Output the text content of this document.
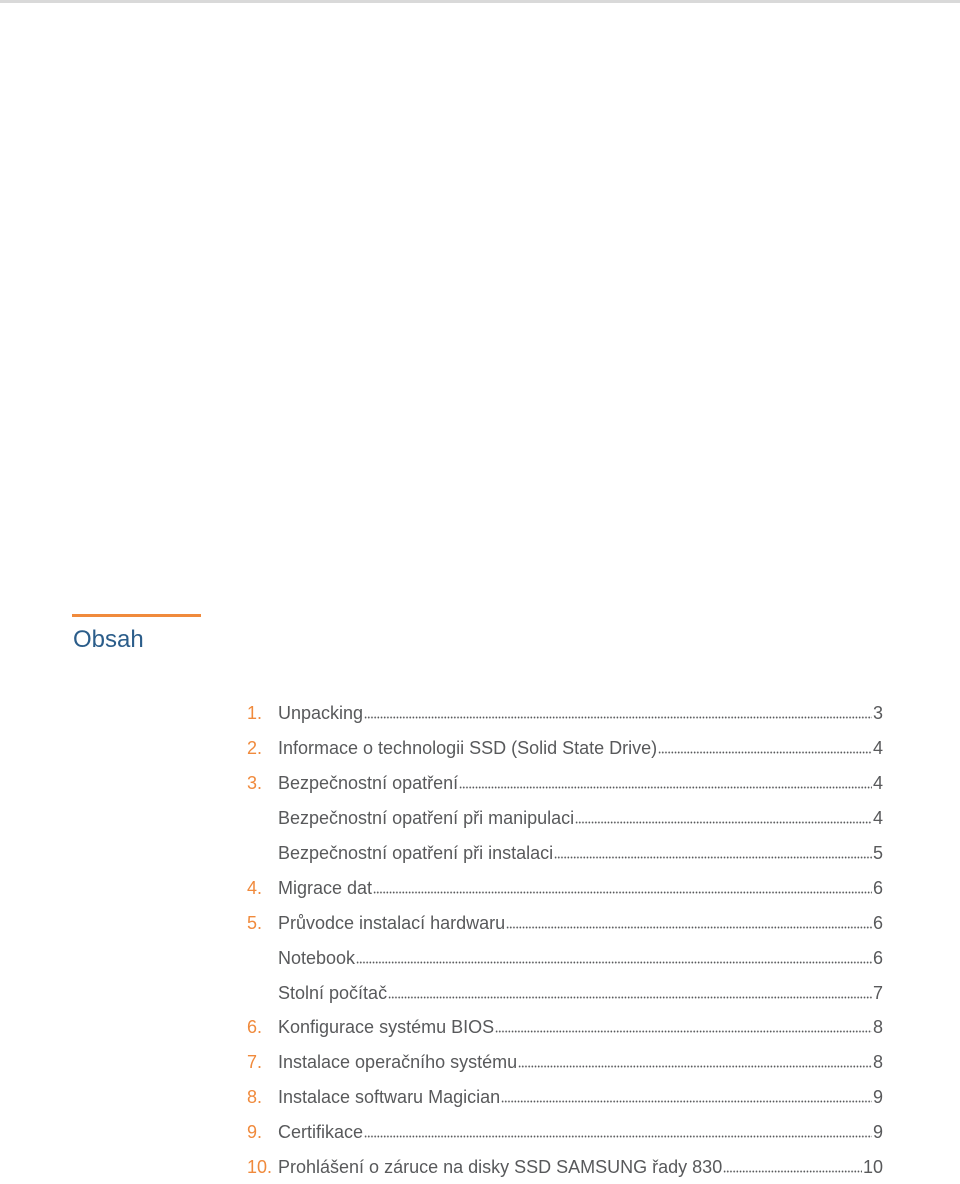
Obsah
1. Unpacking	3
2. Informace o technologii SSD (Solid State Drive)	4
3. Bezpečnostní opatření	4
Bezpečnostní opatření při manipulaci	4
Bezpečnostní opatření při instalaci	5
4. Migrace dat	6
5. Průvodce instalací hardwaru	6
Notebook	6
Stolní počítač	7
6. Konfigurace systému BIOS	8
7. Instalace operačního systému	8
8. Instalace softwaru Magician	9
9. Certifikace	9
10. Prohlášení o záruce na disky SSD SAMSUNG řady 830	10
